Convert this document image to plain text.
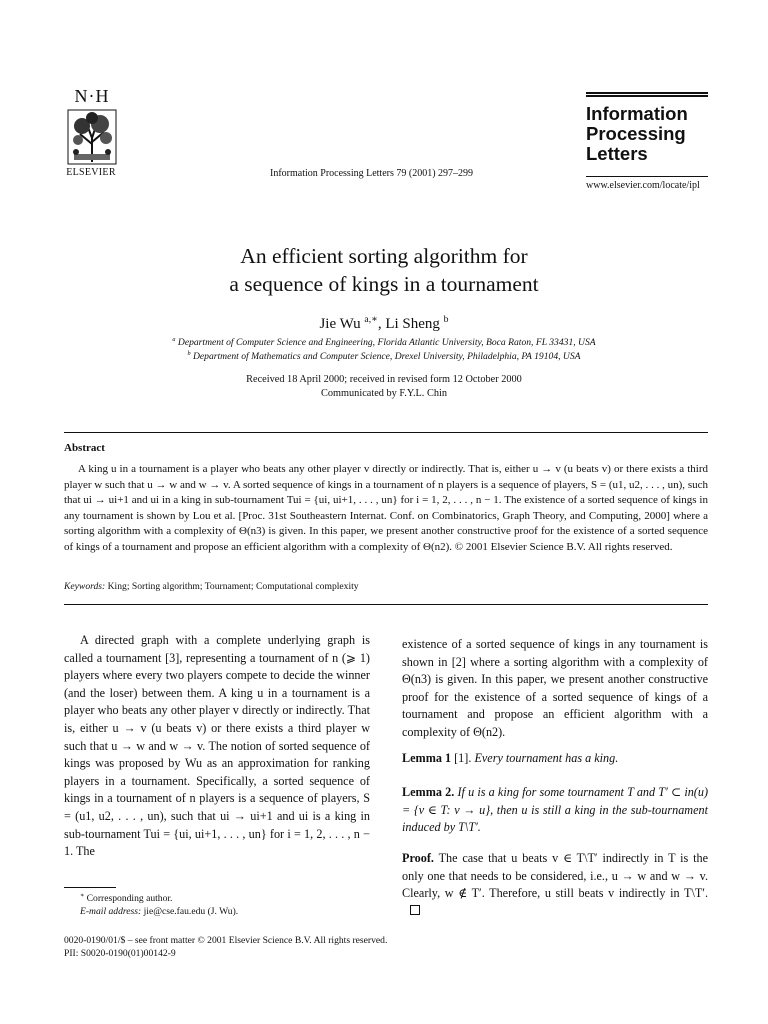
N·H
ELSEVIER	Information Processing Letters 79 (2001) 297–299
Information
Processing
Letters
www.elsevier.com/locate/ipl
An efficient sorting algorithm for
a sequence of kings in a tournament
Jie Wu $^{a,∗}$, Li Sheng $^b$
$^a$ Department of Computer Science and Engineering, Florida Atlantic University, Boca Raton, FL 33431, USA
$^b$ Department of Mathematics and Computer Science, Drexel University, Philadelphia, PA 19104, USA
Received 18 April 2000; received in revised form 12 October 2000
Communicated by F.Y.L. Chin
Abstract

A king u in a tournament is a player who beats any other player v directly or indirectly. That is, either u → v (u beats v) or there exists a third player w such that u → w and w → v. A sorted sequence of kings in a tournament of n players is a sequence of players, S = (u1, u2, . . . , un), such that ui → ui+1 and ui in a king in sub-tournament Tui = {ui, ui+1, . . . , un} for i = 1, 2, . . . , n − 1. The existence of a sorted sequence of kings in any tournament is shown by Lou et al. [Proc. 31st Southeastern Internat. Conf. on Combinatorics, Graph Theory, and Computing, 2000] where a sorting algorithm with a complexity of Θ(n3) is given. In this paper, we present another constructive proof for the existence of a sorted sequence of kings of a tournament and propose an efficient algorithm with a complexity of Θ(n2). © 2001 Elsevier Science B.V. All rights reserved.

Keywords: King; Sorting algorithm; Tournament; Computational complexity

A directed graph with a complete underlying graph is called a tournament [3], representing a tournament of n (⩾ 1) players where every two players compete to decide the winner (and the loser) between them. A king u in a tournament is a player who beats any other player v directly or indirectly. That is, either u → v (u beats v) or there exists a third player w such that u → w and w → v. The notion of sorted sequence of kings was proposed by Wu as an approximation for ranking players in a tournament. Specifically, a sorted sequence of kings in a tournament of n players is a sequence of players, S = (u1, u2, . . . , un), such that ui → ui+1 and ui is a king in sub-tournament Tui = {ui, ui+1, . . . , un} for i = 1, 2, . . . , n − 1. The

existence of a sorted sequence of kings in any tournament is shown in [2] where a sorting algorithm with a complexity of Θ(n3) is given. In this paper, we present another constructive proof for the existence of a sorted sequence of kings of a tournament and propose an efficient algorithm with a complexity of Θ(n2).

Lemma 1 [1]. Every tournament has a king.

Lemma 2. If u is a king for some tournament T and T′ ⊂ in(u) = {v ∈ T: v → u}, then u is still a king in the sub-tournament induced by T\T′.

Proof. The case that u beats v ∈ T\T′ indirectly in T is the only one that needs to be considered, i.e., u → w and w → v. Clearly, w ∉ T′. Therefore, u still beats v indirectly in T\T′.

∗ Corresponding author.
E-mail address: jie@cse.fau.edu (J. Wu).
0020-0190/01/$ – see front matter © 2001 Elsevier Science B.V. All rights reserved.
PII: S0020-0190(01)00142-9
